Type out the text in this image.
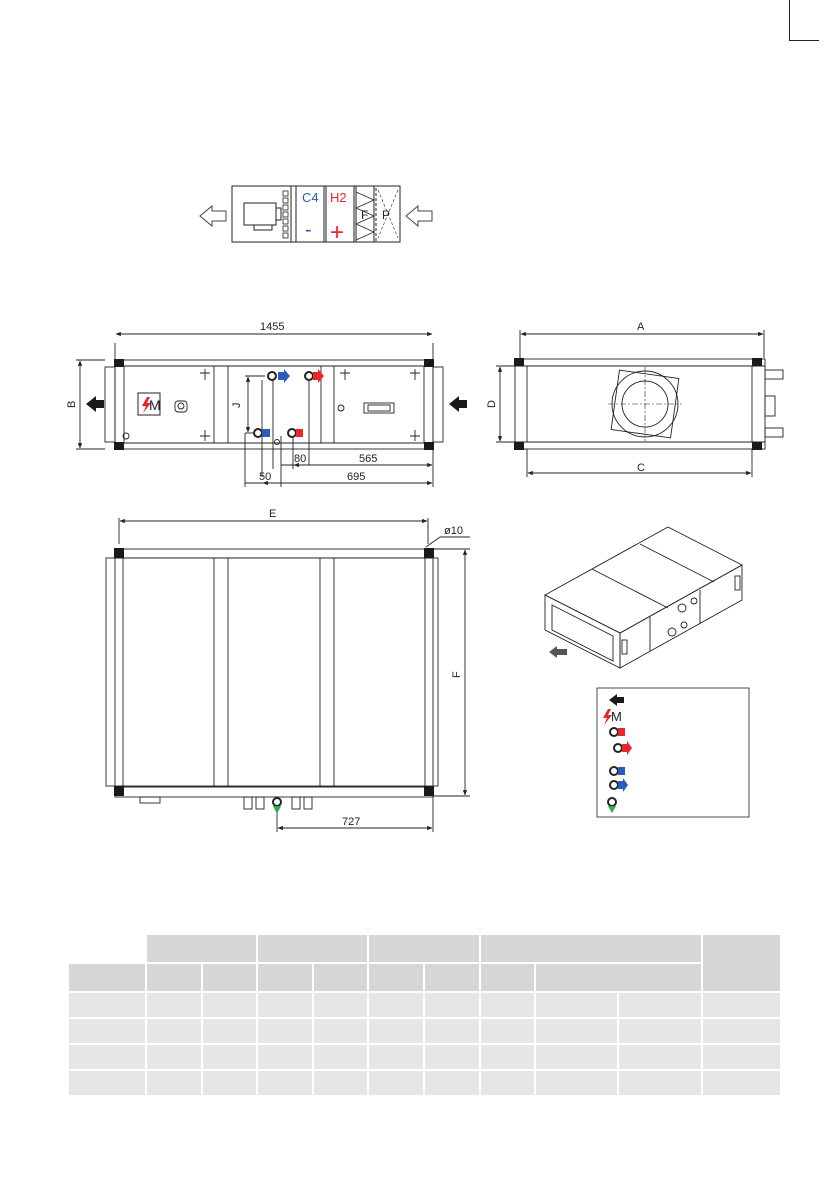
C4 H2
- +
F P
M
1455
B	J
80	565
50	695
A
C
D
E
F
ø10
727
M
